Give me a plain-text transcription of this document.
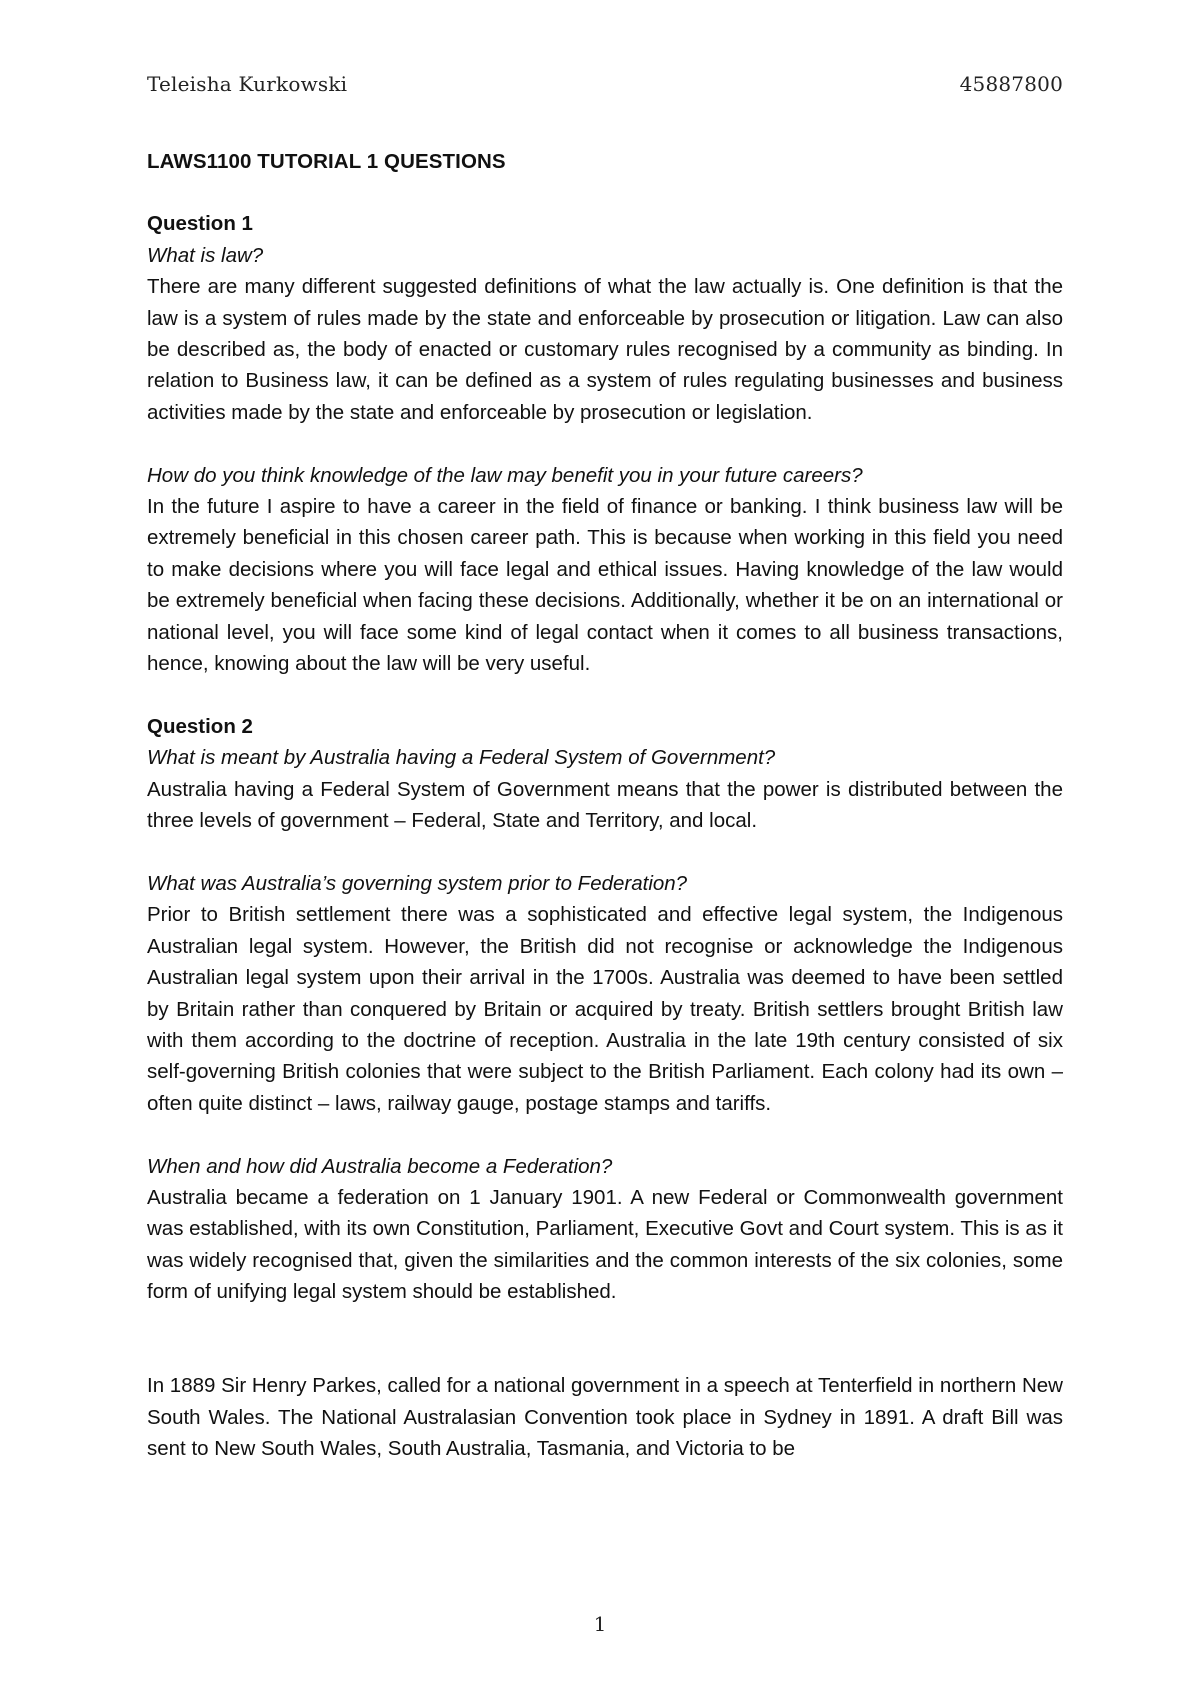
Teleisha Kurkowski	45887800

LAWS1100 TUTORIAL 1 QUESTIONS

Question 1

What is law?

There are many different suggested definitions of what the law actually is. One definition is that the law is a system of rules made by the state and enforceable by prosecution or litigation. Law can also be described as, the body of enacted or customary rules recognised by a community as binding. In relation to Business law, it can be defined as a system of rules regulating businesses and business activities made by the state and enforceable by prosecution or legislation.

How do you think knowledge of the law may benefit you in your future careers?

In the future I aspire to have a career in the field of finance or banking. I think business law will be extremely beneficial in this chosen career path. This is because when working in this field you need to make decisions where you will face legal and ethical issues. Having knowledge of the law would be extremely beneficial when facing these decisions. Additionally, whether it be on an international or national level, you will face some kind of legal contact when it comes to all business transactions, hence, knowing about the law will be very useful.

Question 2

What is meant by Australia having a Federal System of Government?

Australia having a Federal System of Government means that the power is distributed between the three levels of government – Federal, State and Territory, and local.

What was Australia’s governing system prior to Federation?

Prior to British settlement there was a sophisticated and effective legal system, the Indigenous Australian legal system. However, the British did not recognise or acknowledge the Indigenous Australian legal system upon their arrival in the 1700s. Australia was deemed to have been settled by Britain rather than conquered by Britain or acquired by treaty. British settlers brought British law with them according to the doctrine of reception. Australia in the late 19th century consisted of six self-governing British colonies that were subject to the British Parliament. Each colony had its own – often quite distinct – laws, railway gauge, postage stamps and tariffs.

When and how did Australia become a Federation?

Australia became a federation on 1 January 1901. A new Federal or Commonwealth government was established, with its own Constitution, Parliament, Executive Govt and Court system. This is as it was widely recognised that, given the similarities and the common interests of the six colonies, some form of unifying legal system should be established.

In 1889 Sir Henry Parkes, called for a national government in a speech at Tenterfield in northern New South Wales. The National Australasian Convention took place in Sydney in 1891. A draft Bill was sent to New South Wales, South Australia, Tasmania, and Victoria to be

1
